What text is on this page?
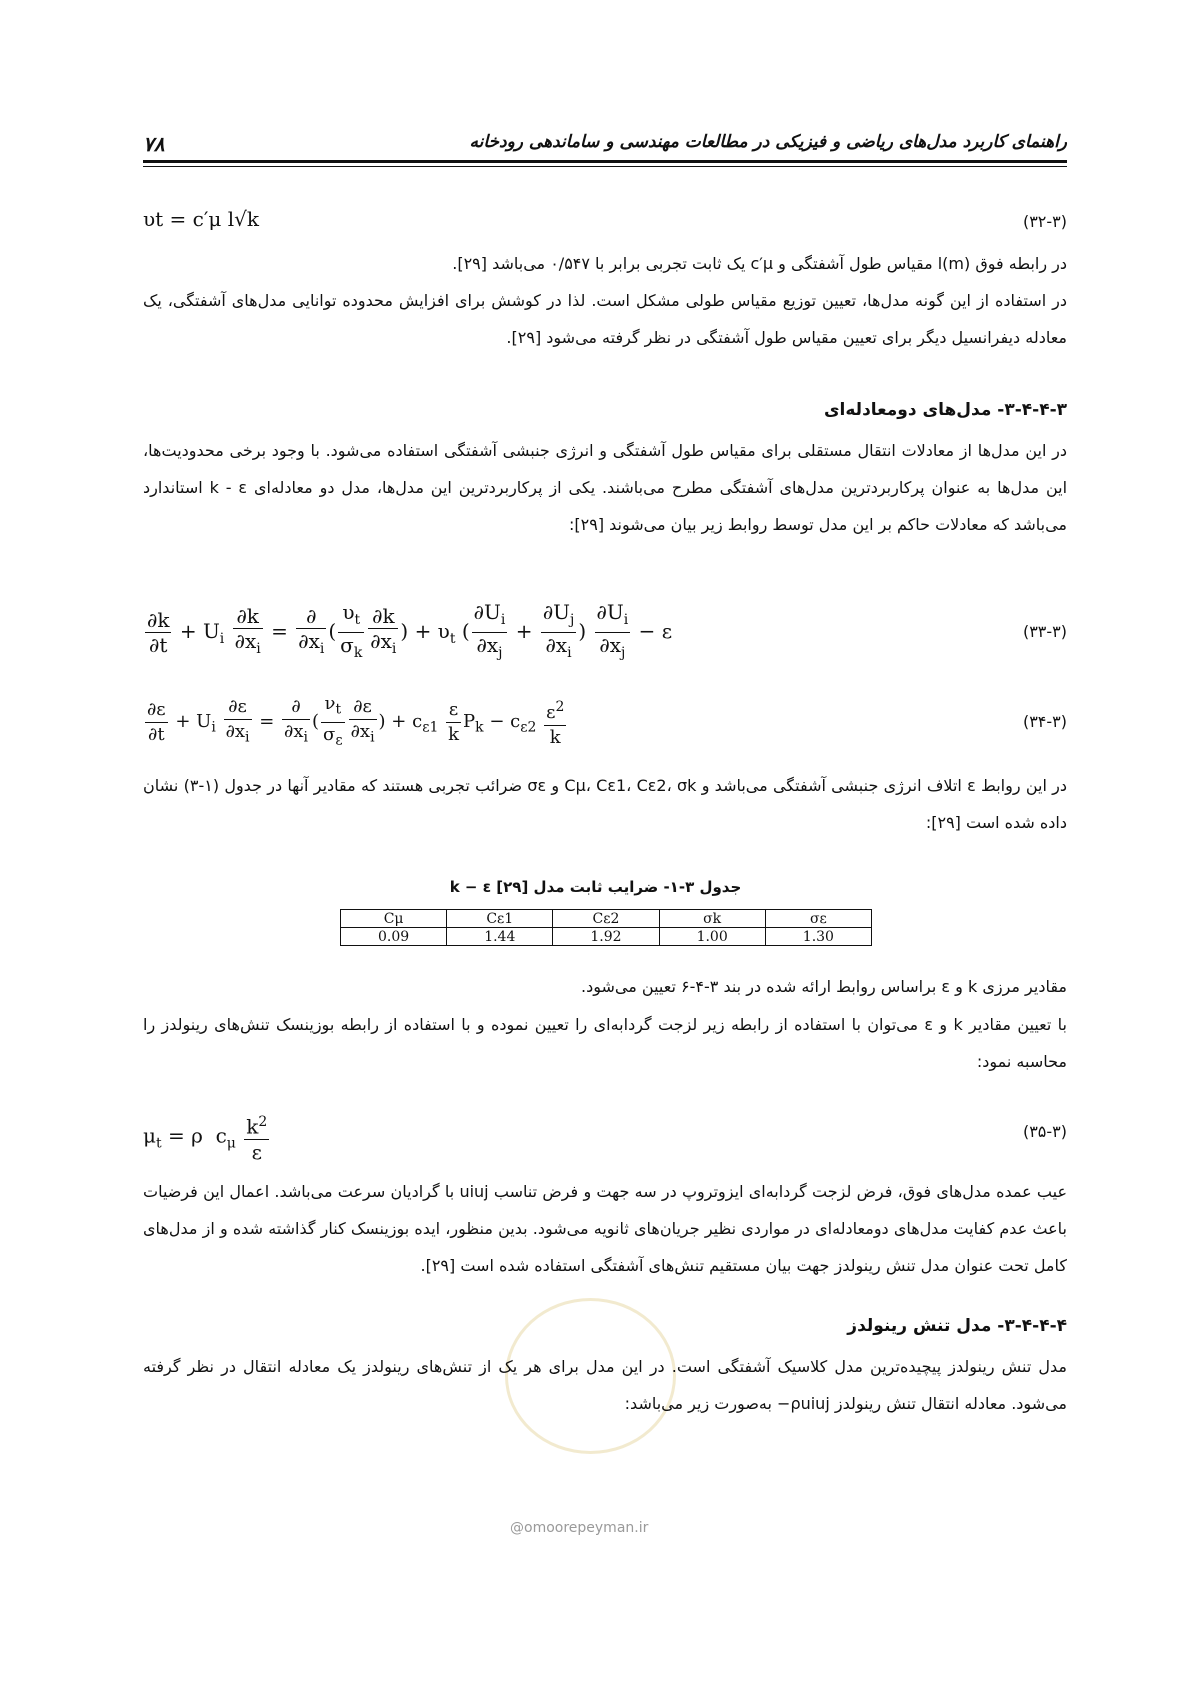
۷۸	راهنمای کاربرد مدل‌های ریاضی و فیزیکی در مطالعات مهندسی و ساماندهی رودخانه
υt = c′μ l√k	(۳۲-۳)
در رابطه فوق l(m) مقیاس طول آشفتگی و c′μ یک ثابت تجربی برابر با ۰/۵۴۷ می‌باشد [۲۹].
در استفاده از این گونه مدل‌ها، تعیین توزیع مقیاس طولی مشکل است. لذا در کوشش برای افزایش محدوده توانایی مدل‌های آشفتگی، یک معادله دیفرانسیل دیگر برای تعیین مقیاس طول آشفتگی در نظر گرفته می‌شود [۲۹].
۳-۴-۴-۳- مدل‌های دومعادله‌ای
در این مدل‌ها از معادلات انتقال مستقلی برای مقیاس طول آشفتگی و انرژی جنبشی آشفتگی استفاده می‌شود. با وجود برخی محدودیت‌ها، این مدل‌ها به عنوان پرکاربردترین مدل‌های آشفتگی مطرح می‌باشند. یکی از پرکاربردترین این مدل‌ها، مدل دو معادله‌ای k - ε استاندارد می‌باشد که معادلات حاکم بر این مدل توسط روابط زیر بیان می‌شوند [۲۹]:
$\frac{\partial k}{\partial t} + U_i \frac{\partial k}{\partial x_i} = \frac{\partial}{\partial x_i}$ ( $\frac{\upsilon_t}{\sigma_k} \frac{\partial k}{\partial x_i}$ ) + $\upsilon_t$ ( $\frac{\partial U_i}{\partial x_j} + \frac{\partial U_j}{\partial x_i}$ ) $\frac{\partial U_i}{\partial x_j} - \varepsilon$	(۳۳-۳)
$\frac{\partial\varepsilon}{\partial t} + U_i \frac{\partial\varepsilon}{\partial x_i} = \frac{\partial}{\partial x_i}$ ( $\frac{\nu_t}{\sigma_\varepsilon} \frac{\partial\varepsilon}{\partial x_i}$ ) + $c_{\varepsilon 1} \frac{\varepsilon}{k} P_k - c_{\varepsilon 2} \frac{\varepsilon^2}{k}$	(۳۴-۳)
در این روابط ε اتلاف انرژی جنبشی آشفتگی می‌باشد و Cμ، Cε1، Cε2، σk و σε ضرائب تجربی هستند که مقادیر آنها در جدول (۱-۳) نشان داده شده است [۲۹]:
جدول ۳-۱- ضرایب ثابت مدل k − ε [۲۹]
Cμ	Cε1	Cε2	σk	σε
0.09	1.44	1.92	1.00	1.30
مقادیر مرزی k و ε براساس روابط ارائه شده در بند ۳-۴-۶ تعیین می‌شود.
با تعیین مقادیر k و ε می‌توان با استفاده از رابطه زیر لزجت گردابه‌ای را تعیین نموده و با استفاده از رابطه بوزینسک تنش‌های رینولدز را محاسبه نمود:
$\mu_t = \rho$  $c_\mu \frac{k^2}{\varepsilon}$	(۳۵-۳)
عیب عمده مدل‌های فوق، فرض لزجت گردابه‌ای ایزوتروپ در سه جهت و فرض تناسب uiuj با گرادیان سرعت می‌باشد. اعمال این فرضیات باعث عدم کفایت مدل‌های دومعادله‌ای در مواردی نظیر جریان‌های ثانویه می‌شود. بدین منظور، ایده بوزینسک کنار گذاشته شده و از مدل‌های کامل تحت عنوان مدل تنش رینولدز جهت بیان مستقیم تنش‌های آشفتگی استفاده شده است [۲۹].
۳-۴-۴-۴- مدل تنش رینولدز
مدل تنش رینولدز پیچیده‌ترین مدل کلاسیک آشفتگی است. در این مدل برای هر یک از تنش‌های رینولدز یک معادله انتقال در نظر گرفته می‌شود. معادله انتقال تنش رینولدز ρuiuj− به‌صورت زیر می‌باشد:
@omoorepeyman.ir
